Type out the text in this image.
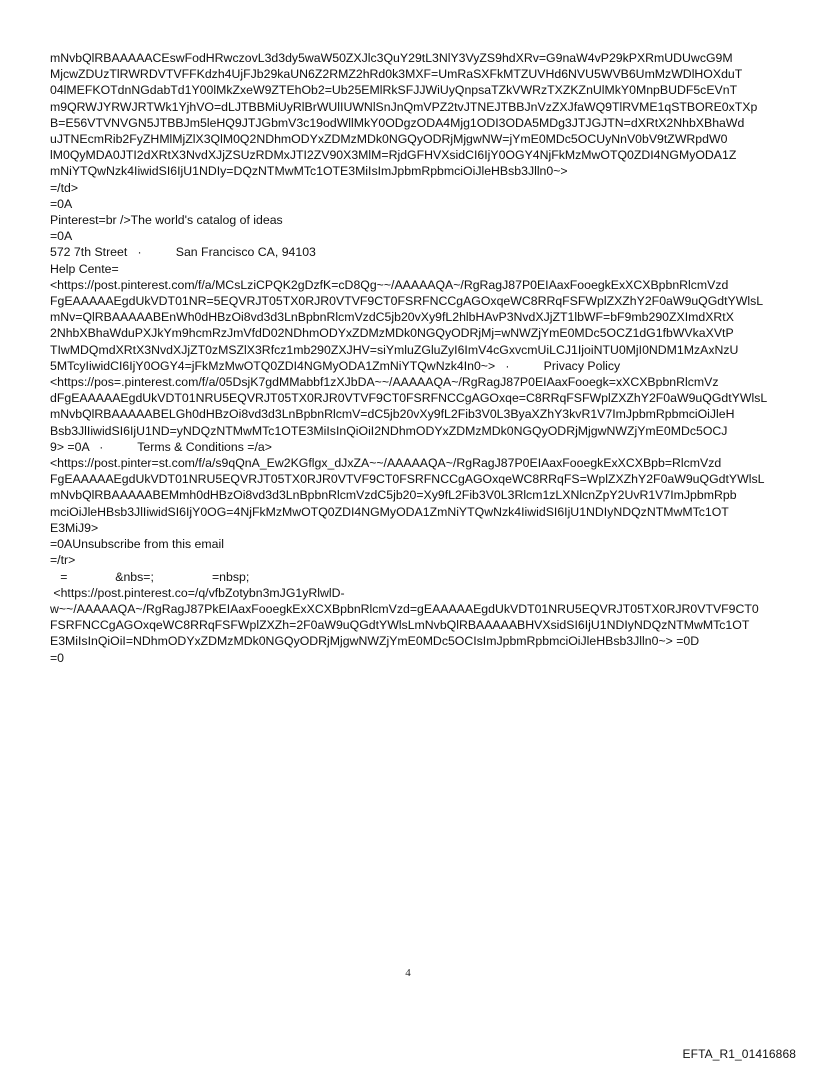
mNvbQlRBAAAAACEswFodHRwczovL3d3dy5waW50ZXJlc3QuY29tL3NlY3VyZS9hdXRv=G9naW4vP29kPXRmUDUwcG9M
MjcwZDUzTlRWRDVTVFFKdzh4UjFJb29kaUN6Z2RMZ2hRd0k3MXF=UmRaSXFkMTZUVHd6NVU5WVB6UmMzWDlHOXduT
04lMEFKOTdnNGdabTd1Y00lMkZxeW9ZTEhOb2=Ub25EMlRkSFJJWiUyQnpsaTZkVWRzTXZKZnUlMkY0MnpBUDF5cEVnT
m9QRWJYRWJRTWk1YjhVO=dLJTBBMiUyRlBrWUlIUWNlSnJnQmVPZ2tvJTNEJTBBJnVzZXJfaWQ9TlRVME1qSTBORE0xTXp
B=E56VTVNVGN5JTBBJm5leHQ9JTJGbmV3c19odWllMkY0ODgzODA4Mjg1ODI3ODA5MDg3JTJGJTN=dXRtX2NhbXBhaWd
uJTNEcmRib2FyZHMlMjZlX3QlM0Q2NDhmODYxZDMzMDk0NGQyODRjMjgwNW=jYmE0MDc5OCUyNnV0bV9tZWRpdW0
lM0QyMDA0JTI2dXRtX3NvdXJjZSUzRDMxJTI2ZV90X3MlM=RjdGFHVXsidCI6IjY0OGY4NjFkMzMwOTQ0ZDI4NGMyODA1Z
mNiYTQwNzk4IiwidSI6IjU1NDIy=DQzNTMwMTc1OTE3MiIsImJpbmRpbmciOiJleHBsb3Jlln0~>
=/td>
=0A
Pinterest=br />The world's catalog of ideas
=0A
572 7th Street   ·          San Francisco CA, 94103
Help Cente=
<https://post.pinterest.com/f/a/MCsLziCPQK2gDzfK=cD8Qg~~/AAAAAQA~/RgRagJ87P0EIAaxFooegkExXCXBpbnRlcmVzd
FgEAAAAAEgdUkVDT01NR=5EQVRJT05TX0RJR0VTVF9CT0FSRFNCCgAGOxqeWC8RRqFSFWplZXZhY2F0aW9uQGdtYWlsL
mNv=QlRBAAAAABEnWh0dHBzOi8vd3d3LnBpbnRlcmVzdC5jb20vXy9fL2hlbHAvP3NvdXJjZT1lbWF=bF9mb290ZXImdXRtX
2NhbXBhaWduPXJkYm9hcmRzJmVfdD02NDhmODYxZDMzMDk0NGQyODRjMj=wNWZjYmE0MDc5OCZ1dG1fbWVkaXVtP
TIwMDQmdXRtX3NvdXJjZT0zMSZlX3Rfcz1mb290ZXJHV=siYmluZGluZyI6ImV4cGxvcmUiLCJ1IjoiNTU0MjI0NDM1MzAxNzU
5MTcyIiwidCI6IjY0OGY4=jFkMzMwOTQ0ZDI4NGMyODA1ZmNiYTQwNzk4In0~>   ·          Privacy Policy
<https://pos=.pinterest.com/f/a/05DsjK7gdMMabbf1zXJbDA~~/AAAAAQA~/RgRagJ87P0EIAaxFooegk=xXCXBpbnRlcmVz
dFgEAAAAAEgdUkVDT01NRU5EQVRJT05TX0RJR0VTVF9CT0FSRFNCCgAGOxqe=C8RRqFSFWplZXZhY2F0aW9uQGdtYWlsL
mNvbQlRBAAAAABELGh0dHBzOi8vd3d3LnBpbnRlcmV=dC5jb20vXy9fL2Fib3V0L3ByaXZhY3kvR1V7ImJpbmRpbmciOiJleH
Bsb3JlIiwidSI6IjU1ND=yNDQzNTMwMTc1OTE3MiIsInQiOiI2NDhmODYxZDMzMDk0NGQyODRjMjgwNWZjYmE0MDc5OCJ
9> =0A   ·          Terms & Conditions =/a>
<https://post.pinter=st.com/f/a/s9qQnA_Ew2KGflgx_dJxZA~~/AAAAAQA~/RgRagJ87P0EIAaxFooegkExXCXBpb=RlcmVzd
FgEAAAAAEgdUkVDT01NRU5EQVRJT05TX0RJR0VTVF9CT0FSRFNCCgAGOxqeWC8RRqFS=WplZXZhY2F0aW9uQGdtYWlsL
mNvbQlRBAAAAABEMmh0dHBzOi8vd3d3LnBpbnRlcmVzdC5jb20=Xy9fL2Fib3V0L3Rlcm1zLXNlcnZpY2UvR1V7ImJpbmRpb
mciOiJleHBsb3JlIiwidSI6IjY0OG=4NjFkMzMwOTQ0ZDI4NGMyODA1ZmNiYTQwNzk4IiwidSI6IjU1NDIyNDQzNTMwMTc1OT
E3MiJ9>
=0AUnsubscribe from this email
=/tr>
=              &nbs=;                 =nbsp;
<https://post.pinterest.co=/q/vfbZotybn3mJG1yRlwlD-
w~~/AAAAAQA~/RgRagJ87PkEIAaxFooegkExXCXBpbnRlcmVzd=gEAAAAAEgdUkVDT01NRU5EQVRJT05TX0RJR0VTVF9CT0
FSRFNCCgAGOxqeWC8RRqFSFWplZXZh=2F0aW9uQGdtYWlsLmNvbQlRBAAAAABHVXsidSI6IjU1NDIyNDQzNTMwMTc1OT
E3MiIsInQiOiI=NDhmODYxZDMzMDk0NGQyODRjMjgwNWZjYmE0MDc5OCIsImJpbmRpbmciOiJleHBsb3Jlln0~> =0D
=0
4
EFTA_R1_01416868
